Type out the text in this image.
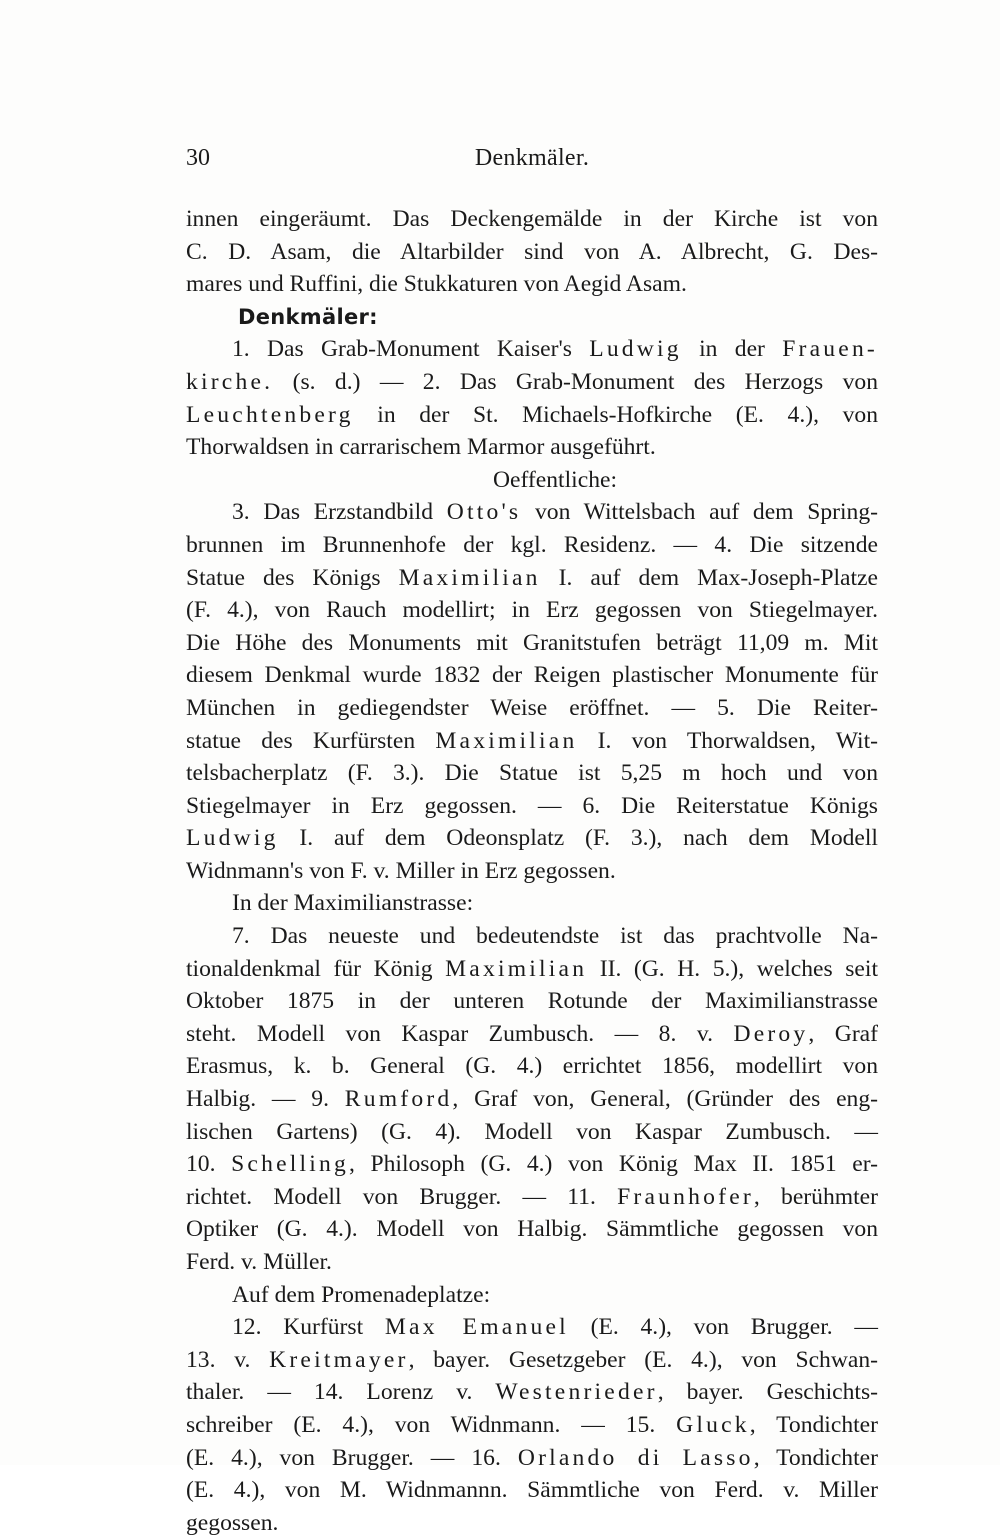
30	Denkmäler.
innen eingeräumt. Das Deckengemälde in der Kirche ist von
C. D. Asam, die Altarbilder sind von A. Albrecht, G. Des-
mares und Ruffini, die Stukkaturen von Aegid Asam.
Denkmäler:
1. Das Grab-Monument Kaiser's Ludwig in der Frauen-
kirche. (s. d.) — 2. Das Grab-Monument des Herzogs von
Leuchtenberg in der St. Michaels-Hofkirche (E. 4.), von
Thorwaldsen in carrarischem Marmor ausgeführt.
Oeffentliche:
3. Das Erzstandbild Otto's von Wittelsbach auf dem Spring-
brunnen im Brunnenhofe der kgl. Residenz. — 4. Die sitzende
Statue des Königs Maximilian I. auf dem Max-Joseph-Platze
(F. 4.), von Rauch modellirt; in Erz gegossen von Stiegelmayer.
Die Höhe des Monuments mit Granitstufen beträgt 11,09 m. Mit
diesem Denkmal wurde 1832 der Reigen plastischer Monumente für
München in gediegendster Weise eröffnet. — 5. Die Reiter-
statue des Kurfürsten Maximilian I. von Thorwaldsen, Wit-
telsbacherplatz (F. 3.). Die Statue ist 5,25 m hoch und von
Stiegelmayer in Erz gegossen. — 6. Die Reiterstatue Königs
Ludwig I. auf dem Odeonsplatz (F. 3.), nach dem Modell
Widnmann's von F. v. Miller in Erz gegossen.
In der Maximilianstrasse:
7. Das neueste und bedeutendste ist das prachtvolle Na-
tionaldenkmal für König Maximilian II. (G. H. 5.), welches seit
Oktober 1875 in der unteren Rotunde der Maximilianstrasse
steht. Modell von Kaspar Zumbusch. — 8. v. Deroy, Graf
Erasmus, k. b. General (G. 4.) errichtet 1856, modellirt von
Halbig. — 9. Rumford, Graf von, General, (Gründer des eng-
lischen Gartens) (G. 4). Modell von Kaspar Zumbusch. —
10. Schelling, Philosoph (G. 4.) von König Max II. 1851 er-
richtet. Modell von Brugger. — 11. Fraunhofer, berühmter
Optiker (G. 4.). Modell von Halbig. Sämmtliche gegossen von
Ferd. v. Müller.
Auf dem Promenadeplatze:
12. Kurfürst Max Emanuel (E. 4.), von Brugger. —
13. v. Kreitmayer, bayer. Gesetzgeber (E. 4.), von Schwan-
thaler. — 14. Lorenz v. Westenrieder, bayer. Geschichts-
schreiber (E. 4.), von Widnmann. — 15. Gluck, Tondichter
(E. 4.), von Brugger. — 16. Orlando di Lasso, Tondichter
(E. 4.), von M. Widnmannn. Sämmtliche von Ferd. v. Miller
gegossen.
